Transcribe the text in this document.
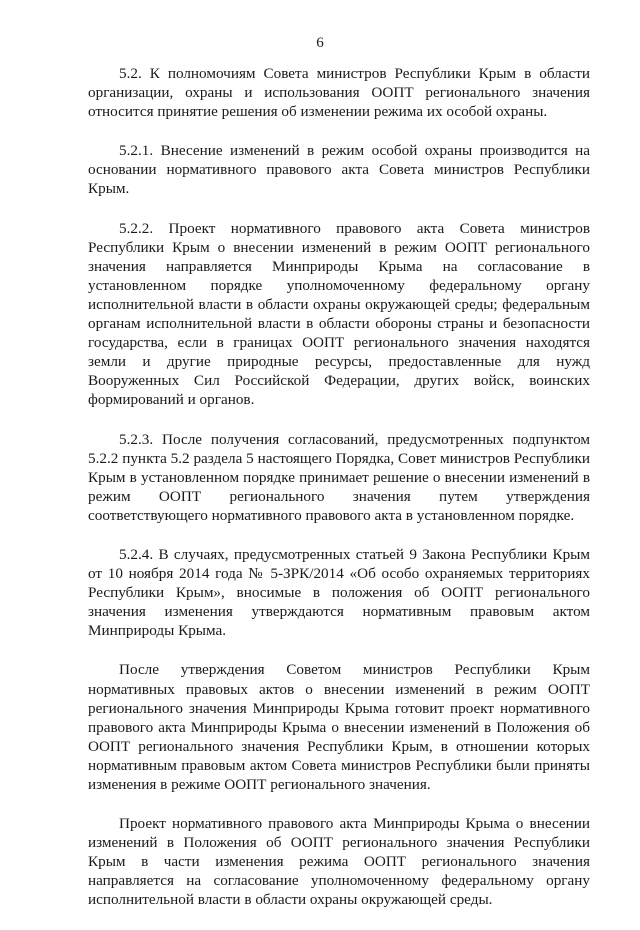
6

5.2. К полномочиям Совета министров Республики Крым в области организации, охраны и использования ООПТ регионального значения относится принятие решения об изменении режима их особой охраны.

5.2.1. Внесение изменений в режим особой охраны производится на основании нормативного правового акта Совета министров Республики Крым.

5.2.2. Проект нормативного правового акта Совета министров Республики Крым о внесении изменений в режим ООПТ регионального значения направляется Минприроды Крыма на согласование в установленном порядке уполномоченному федеральному органу исполнительной власти в области охраны окружающей среды; федеральным органам исполнительной власти в области обороны страны и безопасности государства, если в границах ООПТ регионального значения находятся земли и другие природные ресурсы, предоставленные для нужд Вооруженных Сил Российской Федерации, других войск, воинских формирований и органов.

5.2.3. После получения согласований, предусмотренных подпунктом 5.2.2 пункта 5.2 раздела 5 настоящего Порядка, Совет министров Республики Крым в установленном порядке принимает решение о внесении изменений в режим ООПТ регионального значения путем утверждения соответствующего нормативного правового акта в установленном порядке.

5.2.4. В случаях, предусмотренных статьей 9 Закона Республики Крым от 10 ноября 2014 года № 5-ЗРК/2014 «Об особо охраняемых территориях Республики Крым», вносимые в положения об ООПТ регионального значения изменения утверждаются нормативным правовым актом Минприроды Крыма.

После утверждения Советом министров Республики Крым нормативных правовых актов о внесении изменений в режим ООПТ регионального значения Минприроды Крыма готовит проект нормативного правового акта Минприроды Крыма о внесении изменений в Положения об ООПТ регионального значения Республики Крым, в отношении которых нормативным правовым актом Совета министров Республики были приняты изменения в режиме ООПТ регионального значения.

Проект нормативного правового акта Минприроды Крыма о внесении изменений в Положения об ООПТ регионального значения Республики Крым в части изменения режима ООПТ регионального значения направляется на согласование уполномоченному федеральному органу исполнительной власти в области охраны окружающей среды.
